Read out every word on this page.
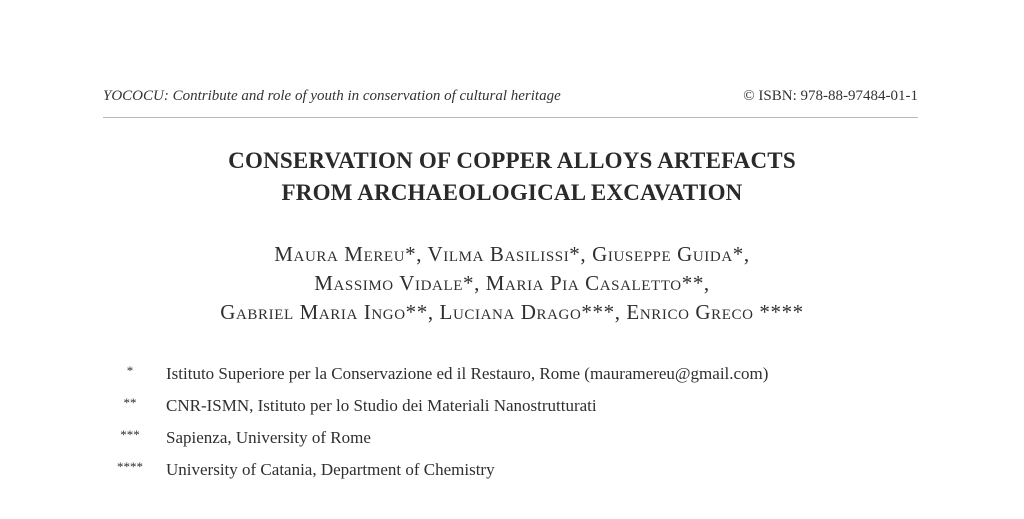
YOCOCU: Contribute and role of youth in conservation of cultural heritage	© ISBN: 978-88-97484-01-1
CONSERVATION OF COPPER ALLOYS ARTEFACTS
FROM ARCHAEOLOGICAL EXCAVATION
Maura Mereu*, Vilma Basilissi*, Giuseppe Guida*,
Massimo Vidale*, Maria Pia Casaletto**,
Gabriel Maria Ingo**, Luciana Drago***, Enrico Greco ****
*	Istituto Superiore per la Conservazione ed il Restauro, Rome (mauramereu@gmail.com)
**	CNR-ISMN, Istituto per lo Studio dei Materiali Nanostrutturati
***	Sapienza, University of Rome
****	University of Catania, Department of Chemistry
